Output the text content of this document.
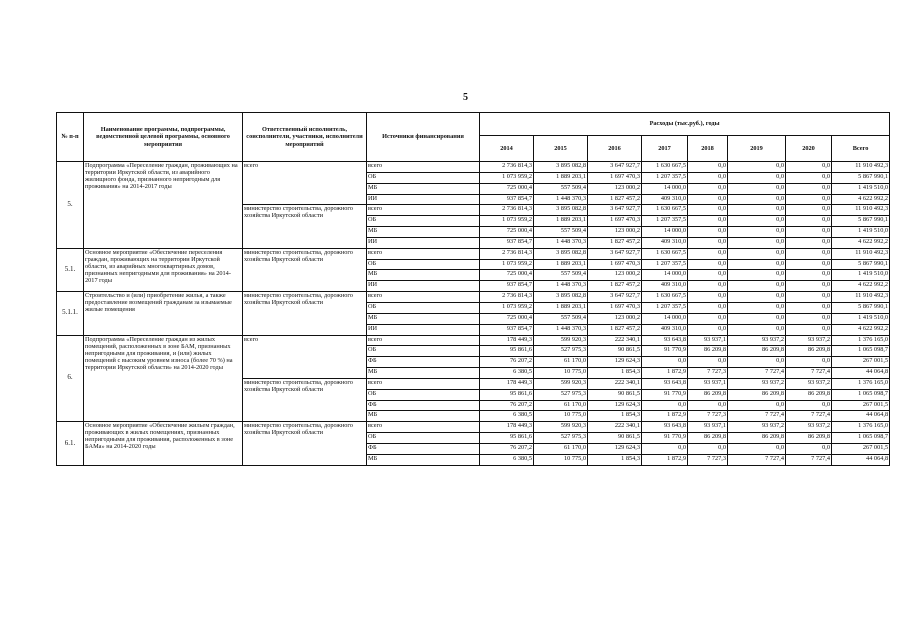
5
№ п-п	Наименование программы, подпрограммы, ведомственной целевой программы, основного мероприятия	Ответственный исполнитель, соисполнители, участники, исполнители мероприятий	Источники финансирования	Расходы (тыс.руб.), годы							
				2014	2015	2016	2017	2018	2019	2020	Всего
5.	Подпрограмма «Переселение граждан, проживающих на территории Иркутской области, из аварийного жилищного фонда, признанного непригодным для проживания» на 2014-2017 годы	всего	всего	2 736 814,3	3 895 082,8	3 647 927,7	1 630 667,5	0,0	0,0	0,0	11 910 492,3
			ОБ	1 073 959,2	1 889 203,1	1 697 470,3	1 207 357,5	0,0	0,0	0,0	5 867 990,1
			МБ	725 000,4	557 509,4	123 000,2	14 000,0	0,0	0,0	0,0	1 419 510,0
			ИИ	937 854,7	1 448 370,3	1 827 457,2	409 310,0	0,0	0,0	0,0	4 622 992,2
		министерство строительства, дорожного хозяйства Иркутской области	всего	2 736 814,3	3 895 082,8	3 647 927,7	1 630 667,5	0,0	0,0	0,0	11 910 492,3
			ОБ	1 073 959,2	1 889 203,1	1 697 470,3	1 207 357,5	0,0	0,0	0,0	5 867 990,1
			МБ	725 000,4	557 509,4	123 000,2	14 000,0	0,0	0,0	0,0	1 419 510,0
			ИИ	937 854,7	1 448 370,3	1 827 457,2	409 310,0	0,0	0,0	0,0	4 622 992,2
5.1.	Основное мероприятие «Обеспечение переселения граждан, проживающих на территории Иркутской области, из аварийных многоквартирных домов, признанных непригодными для проживания» на 2014-2017 годы	министерство строительства, дорожного хозяйства Иркутской области	всего	2 736 814,3	3 895 082,8	3 647 927,7	1 630 667,5	0,0	0,0	0,0	11 910 492,3
			ОБ	1 073 959,2	1 889 203,1	1 697 470,3	1 207 357,5	0,0	0,0	0,0	5 867 990,1
			МБ	725 000,4	557 509,4	123 000,2	14 000,0	0,0	0,0	0,0	1 419 510,0
			ИИ	937 854,7	1 448 370,3	1 827 457,2	409 310,0	0,0	0,0	0,0	4 622 992,2
5.1.1.	Строительство и (или) приобретение жилья, а также предоставление возмещений гражданам за изымаемые жилые помещения	министерство строительства, дорожного хозяйства Иркутской области	всего	2 736 814,3	3 895 082,8	3 647 927,7	1 630 667,5	0,0	0,0	0,0	11 910 492,3
			ОБ	1 073 959,2	1 889 203,1	1 697 470,3	1 207 357,5	0,0	0,0	0,0	5 867 990,1
			МБ	725 000,4	557 509,4	123 000,2	14 000,0	0,0	0,0	0,0	1 419 510,0
			ИИ	937 854,7	1 448 370,3	1 827 457,2	409 310,0	0,0	0,0	0,0	4 622 992,2
6.	Подпрограмма «Переселение граждан из жилых помещений, расположенных в зоне БАМ, признанных непригодными для проживания, и (или) жилых помещений с высоким уровнем износа (более 70 %) на территории Иркутской области» на 2014-2020 годы	всего	всего	178 449,3	599 920,3	222 340,1	93 643,8	93 937,1	93 937,2	93 937,2	1 376 165,0
			ОБ	95 861,6	527 975,3	90 861,5	91 770,9	86 209,8	86 209,8	86 209,8	1 065 098,7
			ФБ	76 207,2	61 170,0	129 624,3	0,0	0,0	0,0	0,0	267 001,5
			МБ	6 380,5	10 775,0	1 854,3	1 872,9	7 727,3	7 727,4	7 727,4	44 064,8
		министерство строительства, дорожного хозяйства Иркутской области	всего	178 449,3	599 920,3	222 340,1	93 643,8	93 937,1	93 937,2	93 937,2	1 376 165,0
			ОБ	95 861,6	527 975,3	90 861,5	91 770,9	86 209,8	86 209,8	86 209,8	1 065 098,7
			ФБ	76 207,2	61 170,0	129 624,3	0,0	0,0	0,0	0,0	267 001,5
			МБ	6 380,5	10 775,0	1 854,3	1 872,9	7 727,3	7 727,4	7 727,4	44 064,8
6.1.	Основное мероприятие «Обеспечение жильем граждан, проживающих в жилых помещениях, признанных непригодными для проживания, расположенных в зоне БАМа» на 2014-2020 годы	министерство строительства, дорожного хозяйства Иркутской области	всего	178 449,3	599 920,3	222 340,1	93 643,8	93 937,1	93 937,2	93 937,2	1 376 165,0
			ОБ	95 861,6	527 975,3	90 861,5	91 770,9	86 209,8	86 209,8	86 209,8	1 065 098,7
			ФБ	76 207,2	61 170,0	129 624,3	0,0	0,0	0,0	0,0	267 001,5
			МБ	6 380,5	10 775,0	1 854,3	1 872,9	7 727,3	7 727,4	7 727,4	44 064,8
